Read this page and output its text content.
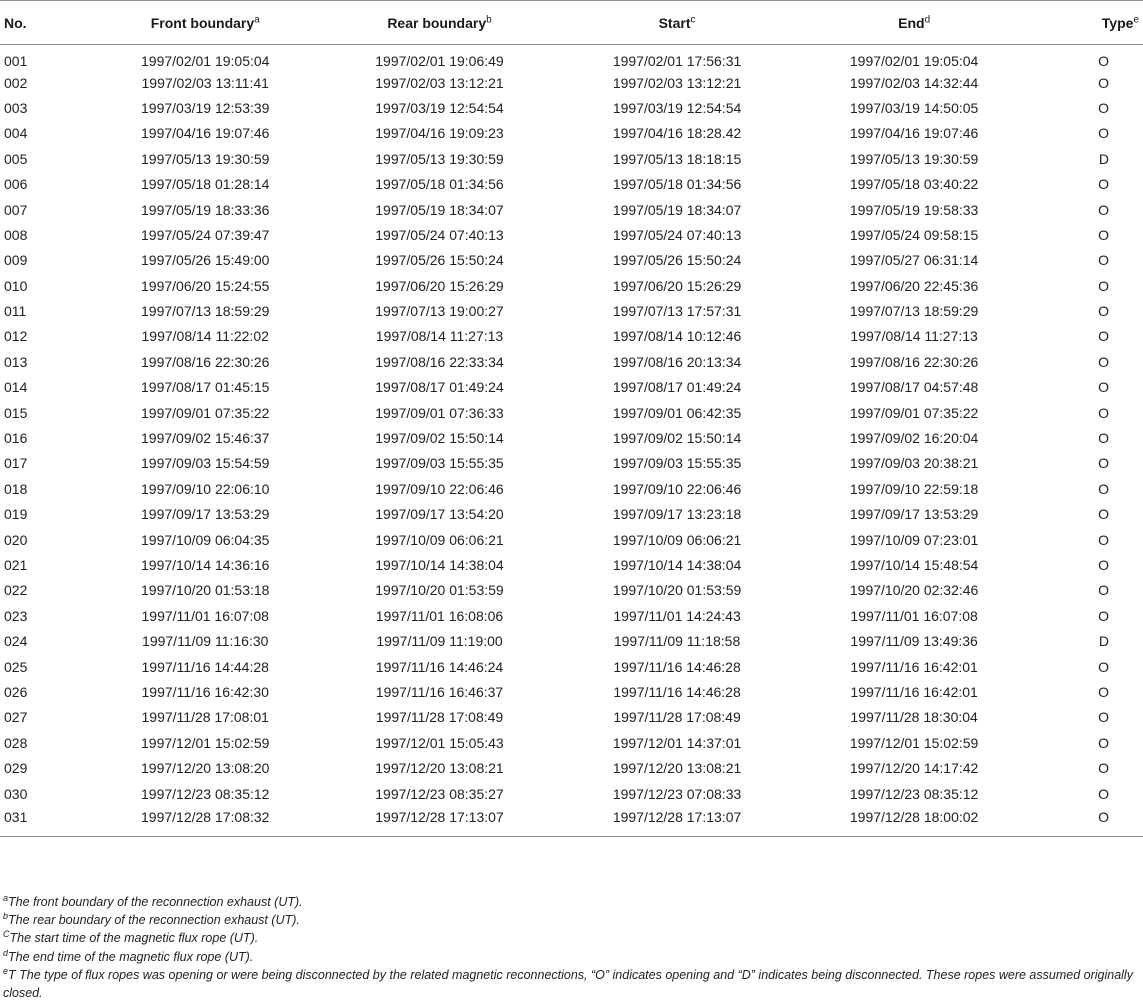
No.	Front boundary$^a$	Rear boundary$^b$	Start$^c$	End$^d$	Type$^e$
001	1997/02/01 19:05:04	1997/02/01 19:06:49	1997/02/01 17:56:31	1997/02/01 19:05:04	O
002	1997/02/03 13:11:41	1997/02/03 13:12:21	1997/02/03 13:12:21	1997/02/03 14:32:44	O
003	1997/03/19 12:53:39	1997/03/19 12:54:54	1997/03/19 12:54:54	1997/03/19 14:50:05	O
004	1997/04/16 19:07:46	1997/04/16 19:09:23	1997/04/16 18:28.42	1997/04/16 19:07:46	O
005	1997/05/13 19:30:59	1997/05/13 19:30:59	1997/05/13 18:18:15	1997/05/13 19:30:59	D
006	1997/05/18 01:28:14	1997/05/18 01:34:56	1997/05/18 01:34:56	1997/05/18 03:40:22	O
007	1997/05/19 18:33:36	1997/05/19 18:34:07	1997/05/19 18:34:07	1997/05/19 19:58:33	O
008	1997/05/24 07:39:47	1997/05/24 07:40:13	1997/05/24 07:40:13	1997/05/24 09:58:15	O
009	1997/05/26 15:49:00	1997/05/26 15:50:24	1997/05/26 15:50:24	1997/05/27 06:31:14	O
010	1997/06/20 15:24:55	1997/06/20 15:26:29	1997/06/20 15:26:29	1997/06/20 22:45:36	O
011	1997/07/13 18:59:29	1997/07/13 19:00:27	1997/07/13 17:57:31	1997/07/13 18:59:29	O
012	1997/08/14 11:22:02	1997/08/14 11:27:13	1997/08/14 10:12:46	1997/08/14 11:27:13	O
013	1997/08/16 22:30:26	1997/08/16 22:33:34	1997/08/16 20:13:34	1997/08/16 22:30:26	O
014	1997/08/17 01:45:15	1997/08/17 01:49:24	1997/08/17 01:49:24	1997/08/17 04:57:48	O
015	1997/09/01 07:35:22	1997/09/01 07:36:33	1997/09/01 06:42:35	1997/09/01 07:35:22	O
016	1997/09/02 15:46:37	1997/09/02 15:50:14	1997/09/02 15:50:14	1997/09/02 16:20:04	O
017	1997/09/03 15:54:59	1997/09/03 15:55:35	1997/09/03 15:55:35	1997/09/03 20:38:21	O
018	1997/09/10 22:06:10	1997/09/10 22:06:46	1997/09/10 22:06:46	1997/09/10 22:59:18	O
019	1997/09/17 13:53:29	1997/09/17 13:54:20	1997/09/17 13:23:18	1997/09/17 13:53:29	O
020	1997/10/09 06:04:35	1997/10/09 06:06:21	1997/10/09 06:06:21	1997/10/09 07:23:01	O
021	1997/10/14 14:36:16	1997/10/14 14:38:04	1997/10/14 14:38:04	1997/10/14 15:48:54	O
022	1997/10/20 01:53:18	1997/10/20 01:53:59	1997/10/20 01:53:59	1997/10/20 02:32:46	O
023	1997/11/01 16:07:08	1997/11/01 16:08:06	1997/11/01 14:24:43	1997/11/01 16:07:08	O
024	1997/11/09 11:16:30	1997/11/09 11:19:00	1997/11/09 11:18:58	1997/11/09 13:49:36	D
025	1997/11/16 14:44:28	1997/11/16 14:46:24	1997/11/16 14:46:28	1997/11/16 16:42:01	O
026	1997/11/16 16:42:30	1997/11/16 16:46:37	1997/11/16 14:46:28	1997/11/16 16:42:01	O
027	1997/11/28 17:08:01	1997/11/28 17:08:49	1997/11/28 17:08:49	1997/11/28 18:30:04	O
028	1997/12/01 15:02:59	1997/12/01 15:05:43	1997/12/01 14:37:01	1997/12/01 15:02:59	O
029	1997/12/20 13:08:20	1997/12/20 13:08:21	1997/12/20 13:08:21	1997/12/20 14:17:42	O
030	1997/12/23 08:35:12	1997/12/23 08:35:27	1997/12/23 07:08:33	1997/12/23 08:35:12	O
031	1997/12/28 17:08:32	1997/12/28 17:13:07	1997/12/28 17:13:07	1997/12/28 18:00:02	O
$^a$The front boundary of the reconnection exhaust (UT).
$^b$The rear boundary of the reconnection exhaust (UT).
$^C$The start time of the magnetic flux rope (UT).
$^d$The end time of the magnetic flux rope (UT).
$^e$T The type of flux ropes was opening or were being disconnected by the related magnetic reconnections, “O” indicates opening and “D” indicates being disconnected. These ropes were assumed originally closed.
